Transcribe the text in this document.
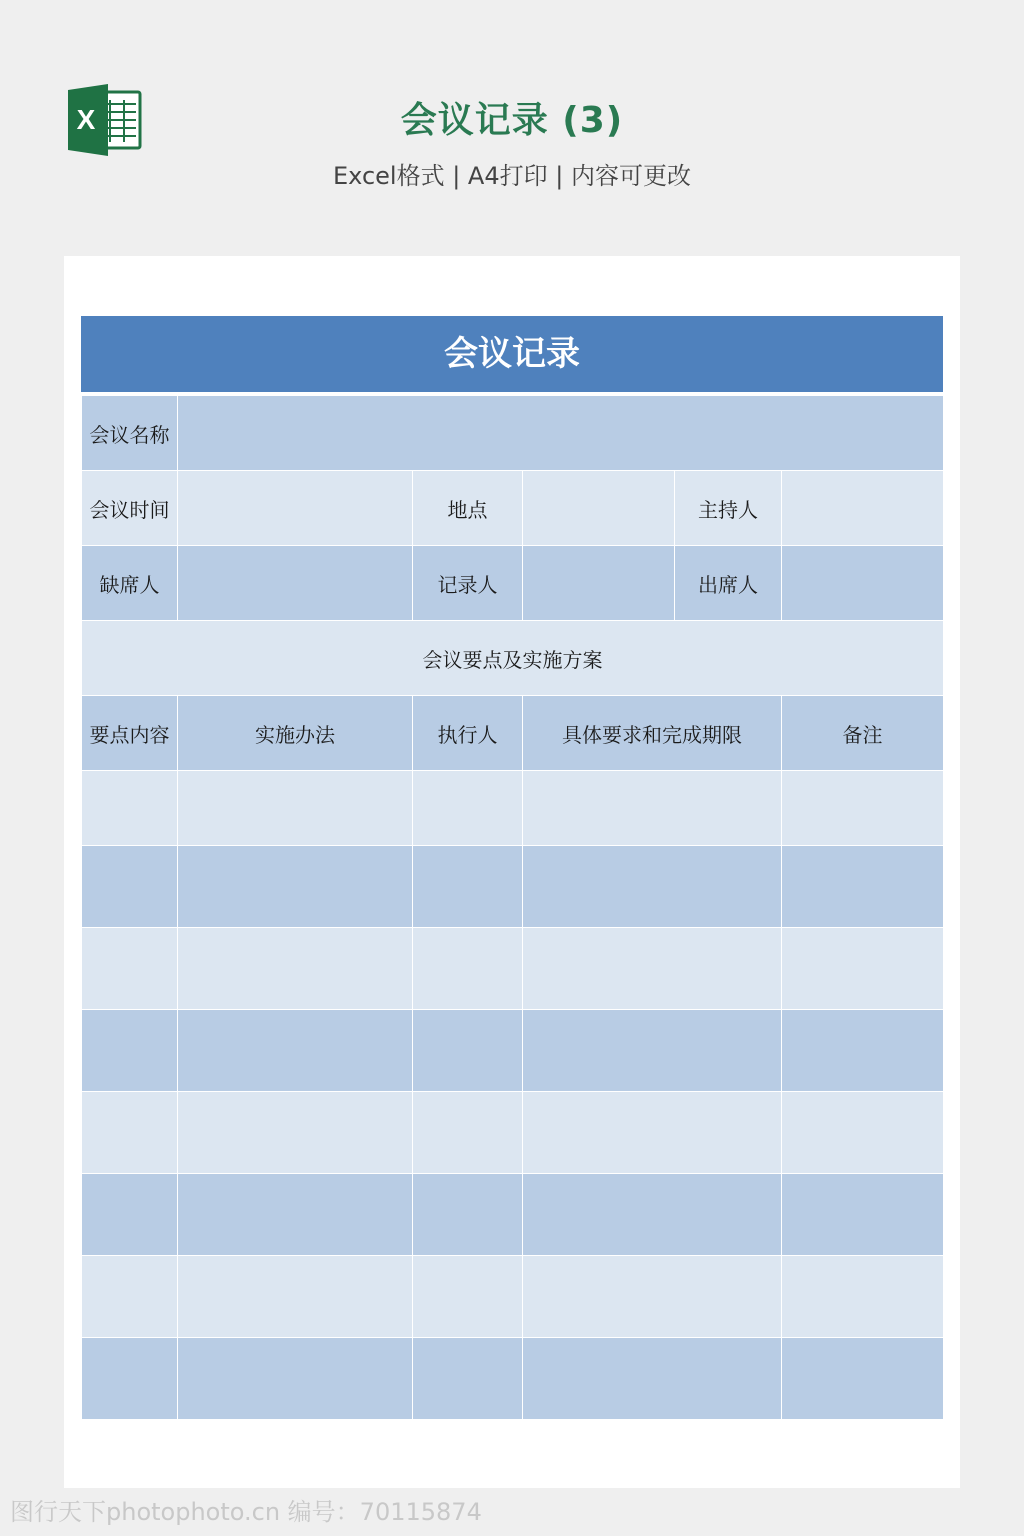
X	会议记录 (3)
Excel格式 | A4打印 | 内容可更改
会议记录
会议名称					
会议时间		地点		主持人	
缺席人		记录人		出席人	
会议要点及实施方案					
要点内容	实施办法	执行人	具体要求和完成期限		备注

图行天下photophoto.cn 编号：70115874
